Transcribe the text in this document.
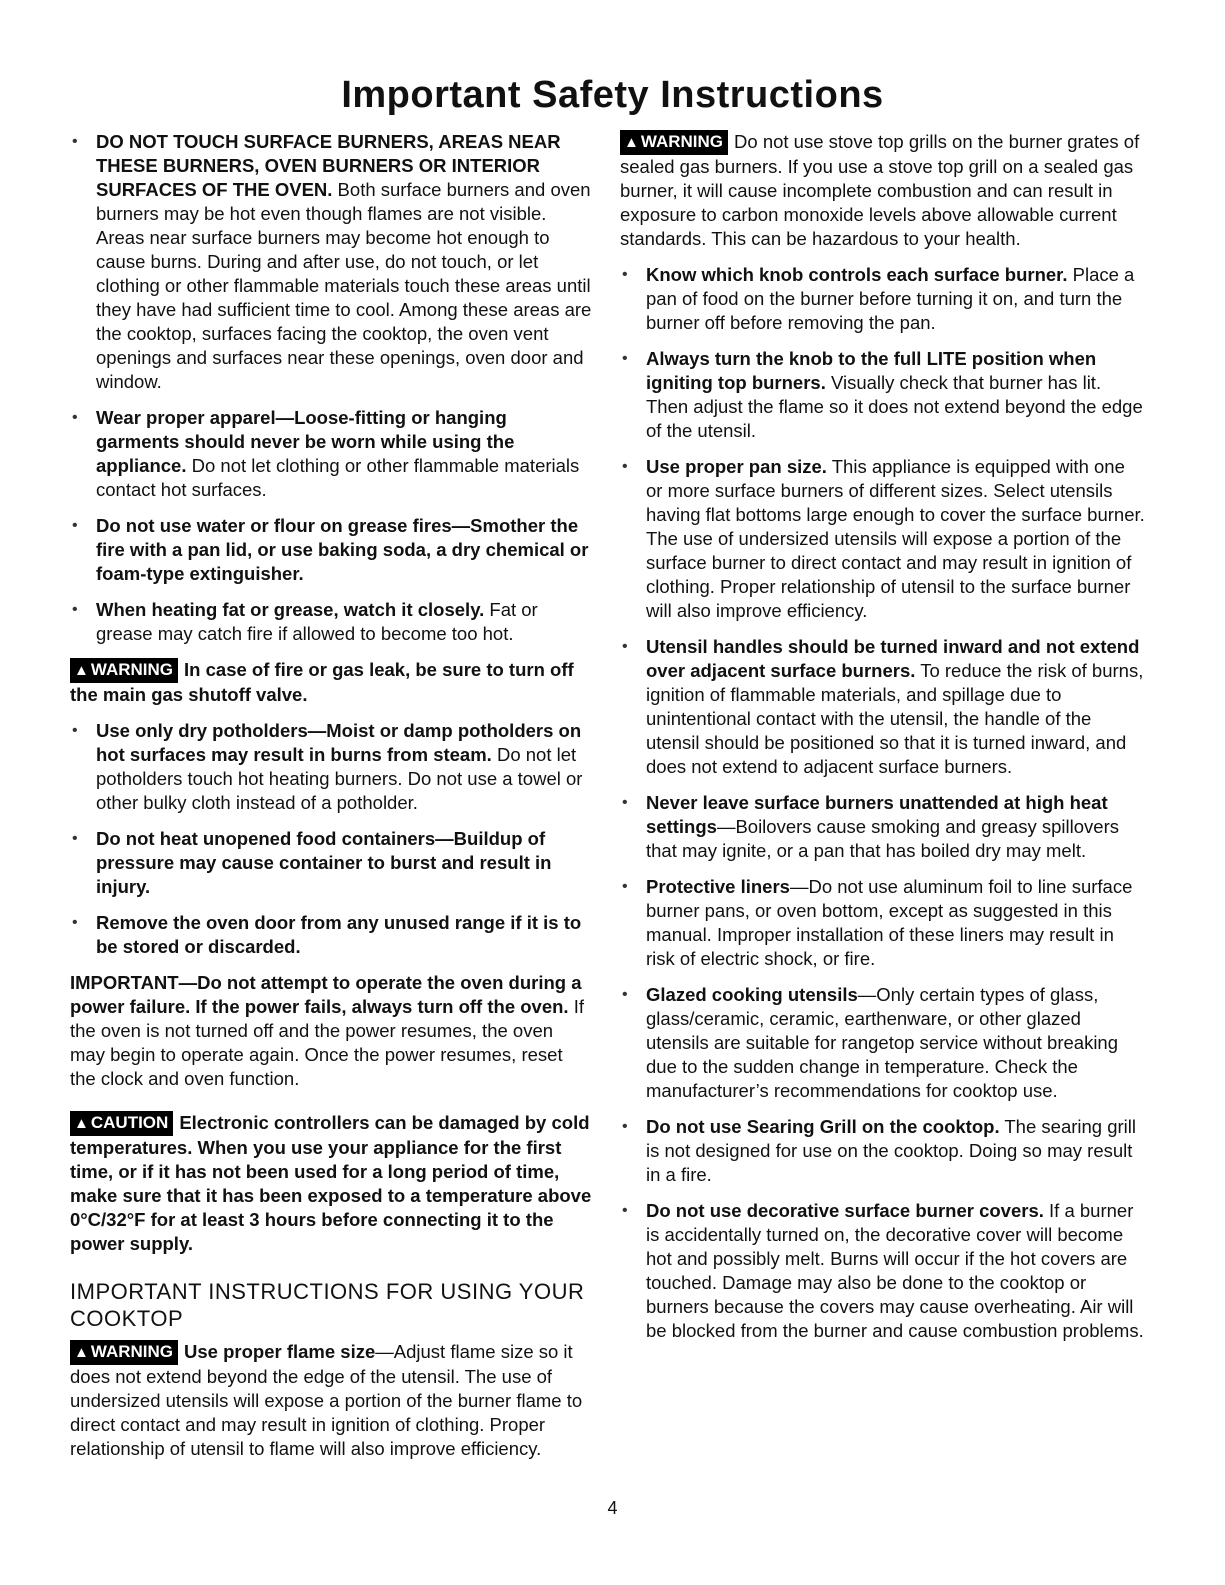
Important Safety Instructions
• DO NOT TOUCH SURFACE BURNERS, AREAS NEAR THESE BURNERS, OVEN BURNERS OR INTERIOR SURFACES OF THE OVEN. Both surface burners and oven burners may be hot even though flames are not visible. Areas near surface burners may become hot enough to cause burns. During and after use, do not touch, or let clothing or other flammable materials touch these areas until they have had sufficient time to cool. Among these areas are the cooktop, surfaces facing the cooktop, the oven vent openings and surfaces near these openings, oven door and window.
• Wear proper apparel—Loose-fitting or hanging garments should never be worn while using the appliance. Do not let clothing or other flammable materials contact hot surfaces.
• Do not use water or flour on grease fires—Smother the fire with a pan lid, or use baking soda, a dry chemical or foam-type extinguisher.
• When heating fat or grease, watch it closely. Fat or grease may catch fire if allowed to become too hot.
▲ WARNING In case of fire or gas leak, be sure to turn off the main gas shutoff valve.
• Use only dry potholders—Moist or damp potholders on hot surfaces may result in burns from steam. Do not let potholders touch hot heating burners. Do not use a towel or other bulky cloth instead of a potholder.
• Do not heat unopened food containers—Buildup of pressure may cause container to burst and result in injury.
• Remove the oven door from any unused range if it is to be stored or discarded.
IMPORTANT—Do not attempt to operate the oven during a power failure. If the power fails, always turn off the oven. If the oven is not turned off and the power resumes, the oven may begin to operate again. Once the power resumes, reset the clock and oven function.
▲ CAUTION Electronic controllers can be damaged by cold temperatures. When you use your appliance for the first time, or if it has not been used for a long period of time, make sure that it has been exposed to a temperature above 0°C/32°F for at least 3 hours before connecting it to the power supply.
IMPORTANT INSTRUCTIONS FOR USING YOUR COOKTOP
▲ WARNING Use proper flame size—Adjust flame size so it does not extend beyond the edge of the utensil. The use of undersized utensils will expose a portion of the burner flame to direct contact and may result in ignition of clothing. Proper relationship of utensil to flame will also improve efficiency.
▲ WARNING Do not use stove top grills on the burner grates of sealed gas burners. If you use a stove top grill on a sealed gas burner, it will cause incomplete combustion and can result in exposure to carbon monoxide levels above allowable current standards. This can be hazardous to your health.
• Know which knob controls each surface burner. Place a pan of food on the burner before turning it on, and turn the burner off before removing the pan.
• Always turn the knob to the full LITE position when igniting top burners. Visually check that burner has lit. Then adjust the flame so it does not extend beyond the edge of the utensil.
• Use proper pan size. This appliance is equipped with one or more surface burners of different sizes. Select utensils having flat bottoms large enough to cover the surface burner. The use of undersized utensils will expose a portion of the surface burner to direct contact and may result in ignition of clothing. Proper relationship of utensil to the surface burner will also improve efficiency.
• Utensil handles should be turned inward and not extend over adjacent surface burners. To reduce the risk of burns, ignition of flammable materials, and spillage due to unintentional contact with the utensil, the handle of the utensil should be positioned so that it is turned inward, and does not extend to adjacent surface burners.
• Never leave surface burners unattended at high heat settings—Boilovers cause smoking and greasy spillovers that may ignite, or a pan that has boiled dry may melt.
• Protective liners—Do not use aluminum foil to line surface burner pans, or oven bottom, except as suggested in this manual. Improper installation of these liners may result in risk of electric shock, or fire.
• Glazed cooking utensils—Only certain types of glass, glass/ceramic, ceramic, earthenware, or other glazed utensils are suitable for rangetop service without breaking due to the sudden change in temperature. Check the manufacturer’s recommendations for cooktop use.
• Do not use Searing Grill on the cooktop. The searing grill is not designed for use on the cooktop. Doing so may result in a fire.
• Do not use decorative surface burner covers. If a burner is accidentally turned on, the decorative cover will become hot and possibly melt. Burns will occur if the hot covers are touched. Damage may also be done to the cooktop or burners because the covers may cause overheating. Air will be blocked from the burner and cause combustion problems.
4
